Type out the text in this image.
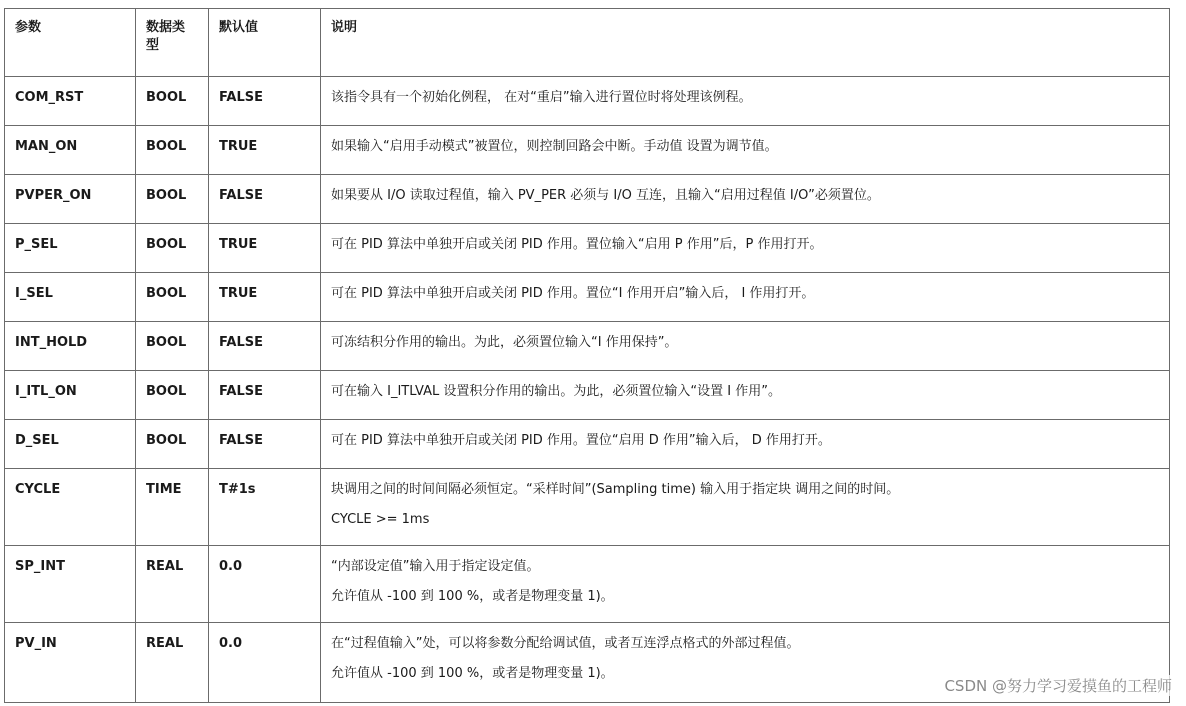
参数	数据类型	默认值	说明
COM_RST	BOOL	FALSE	该指令具有一个初始化例程， 在对“重启”输入进行置位时将处理该例程。

MAN_ON	BOOL	TRUE	如果输入“启用手动模式”被置位，则控制回路会中断。手动值 设置为调节值。

PVPER_ON	BOOL	FALSE	如果要从 I/O 读取过程值，输入 PV_PER 必须与 I/O 互连，且输入“启用过程值 I/O”必须置位。

P_SEL	BOOL	TRUE	可在 PID 算法中单独开启或关闭 PID 作用。置位输入“启用 P 作用”后，P 作用打开。

I_SEL	BOOL	TRUE	可在 PID 算法中单独开启或关闭 PID 作用。置位“I 作用开启”输入后， I 作用打开。

INT_HOLD	BOOL	FALSE	可冻结积分作用的输出。为此，必须置位输入“I 作用保持”。

I_ITL_ON	BOOL	FALSE	可在输入 I_ITLVAL 设置积分作用的输出。为此，必须置位输入“设置 I 作用”。

D_SEL	BOOL	FALSE	可在 PID 算法中单独开启或关闭 PID 作用。置位“启用 D 作用”输入后， D 作用打开。

CYCLE	TIME	T#1s	块调用之间的时间间隔必须恒定。“采样时间”(Sampling time) 输入用于指定块 调用之间的时间。
CYCLE >= 1ms

SP_INT	REAL	0.0	“内部设定值”输入用于指定设定值。
允许值从 -100 到 100 %，或者是物理变量 1)。

PV_IN	REAL	0.0	在“过程值输入”处，可以将参数分配给调试值，或者互连浮点格式的外部过程值。
允许值从 -100 到 100 %，或者是物理变量 1)。
CSDN @努力学习爱摸鱼的工程师
